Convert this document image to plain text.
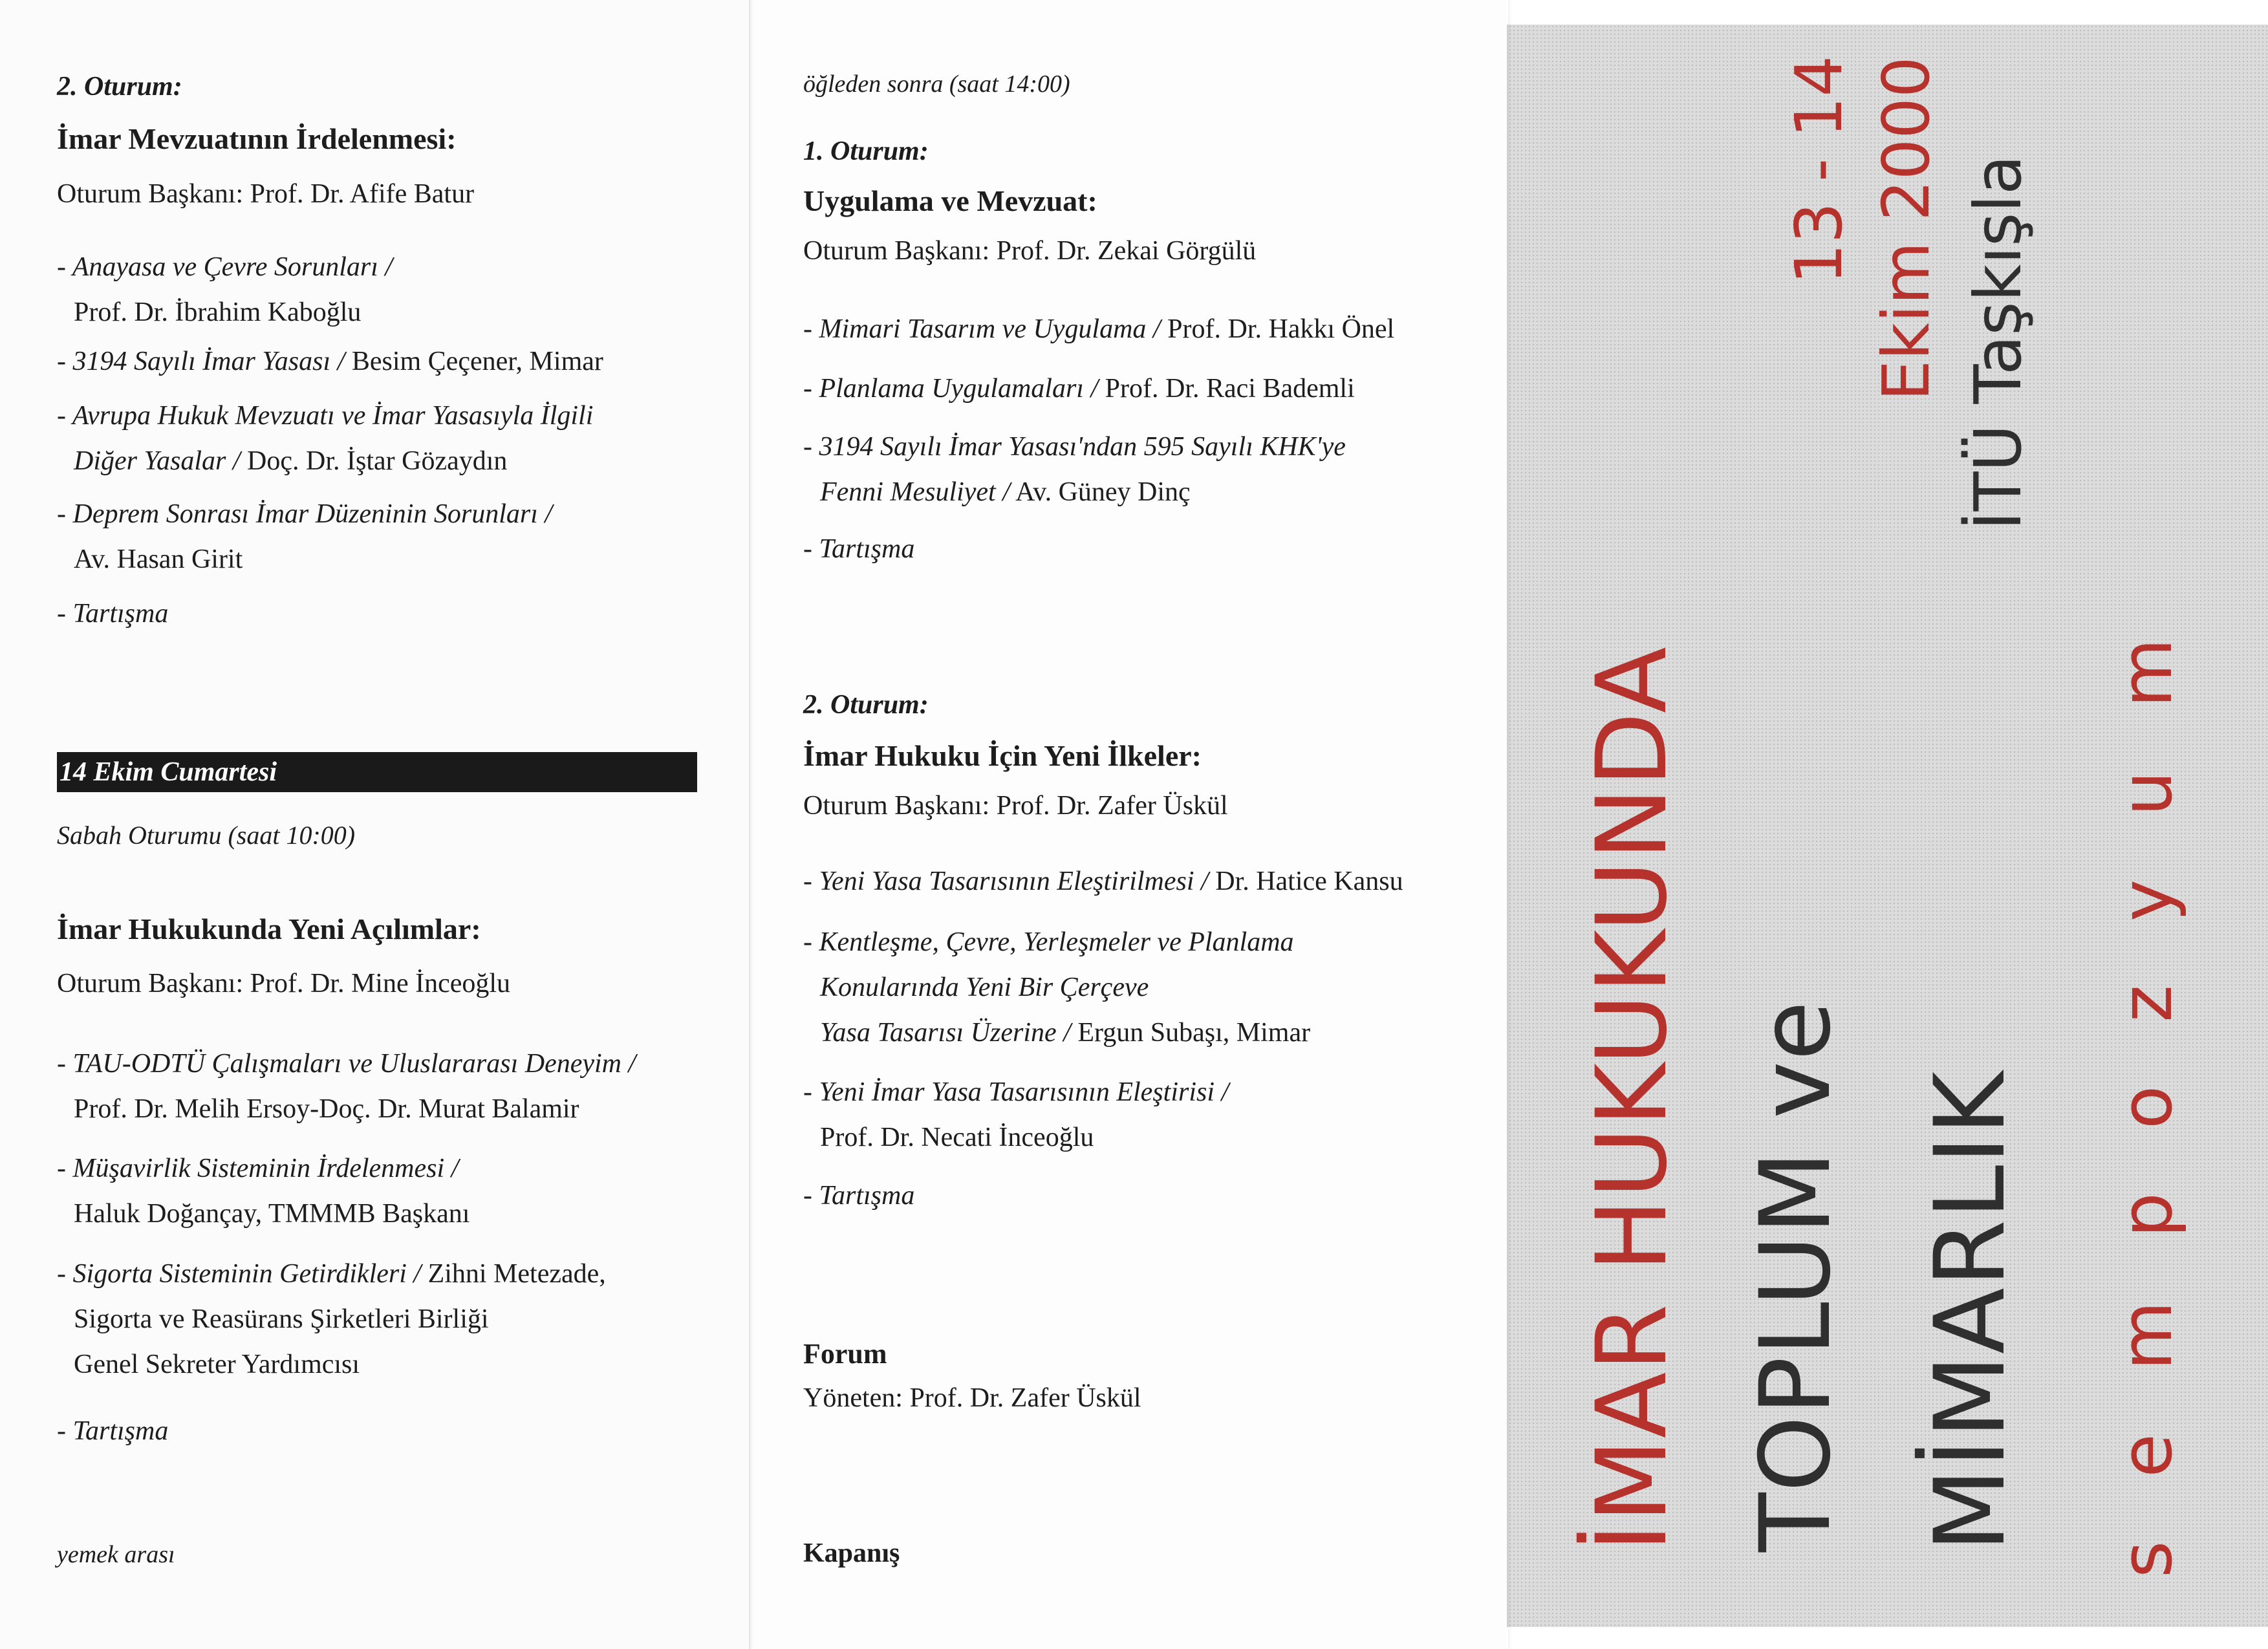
2. Oturum:
İmar Mevzuatının İrdelenmesi:
Oturum Başkanı: Prof. Dr. Afife Batur
- Anayasa ve Çevre Sorunları /
Prof. Dr. İbrahim Kaboğlu
- 3194 Sayılı İmar Yasası / Besim Çeçener, Mimar
- Avrupa Hukuk Mevzuatı ve İmar Yasasıyla İlgili
Diğer Yasalar / Doç. Dr. İştar Gözaydın
- Deprem Sonrası İmar Düzeninin Sorunları /
Av. Hasan Girit
- Tartışma
14 Ekim Cumartesi
Sabah Oturumu (saat 10:00)
İmar Hukukunda Yeni Açılımlar:
Oturum Başkanı: Prof. Dr. Mine İnceoğlu
- TAU-ODTÜ Çalışmaları ve Uluslararası Deneyim /
Prof. Dr. Melih Ersoy-Doç. Dr. Murat Balamir
- Müşavirlik Sisteminin İrdelenmesi /
Haluk Doğançay, TMMMB Başkanı
- Sigorta Sisteminin Getirdikleri / Zihni Metezade,
Sigorta ve Reasürans Şirketleri Birliği
Genel Sekreter Yardımcısı
- Tartışma
yemek arası
öğleden sonra (saat 14:00)
1. Oturum:
Uygulama ve Mevzuat:
Oturum Başkanı: Prof. Dr. Zekai Görgülü
- Mimari Tasarım ve Uygulama / Prof. Dr. Hakkı Önel
- Planlama Uygulamaları / Prof. Dr. Raci Bademli
- 3194 Sayılı İmar Yasası'ndan 595 Sayılı KHK'ye
Fenni Mesuliyet / Av. Güney Dinç
- Tartışma
2. Oturum:
İmar Hukuku İçin Yeni İlkeler:
Oturum Başkanı: Prof. Dr. Zafer Üskül
- Yeni Yasa Tasarısının Eleştirilmesi / Dr. Hatice Kansu
- Kentleşme, Çevre, Yerleşmeler ve Planlama
Konularında Yeni Bir Çerçeve
Yasa Tasarısı Üzerine / Ergun Subaşı, Mimar
- Yeni İmar Yasa Tasarısının Eleştirisi /
Prof. Dr. Necati İnceoğlu
- Tartışma
Forum
Yöneten: Prof. Dr. Zafer Üskül
Kapanış
İMAR HUKUKUNDA TOPLUM ve MİMARLIK
13 - 14 Ekim 2000 İTÜ Taşkışla
sempozyum
